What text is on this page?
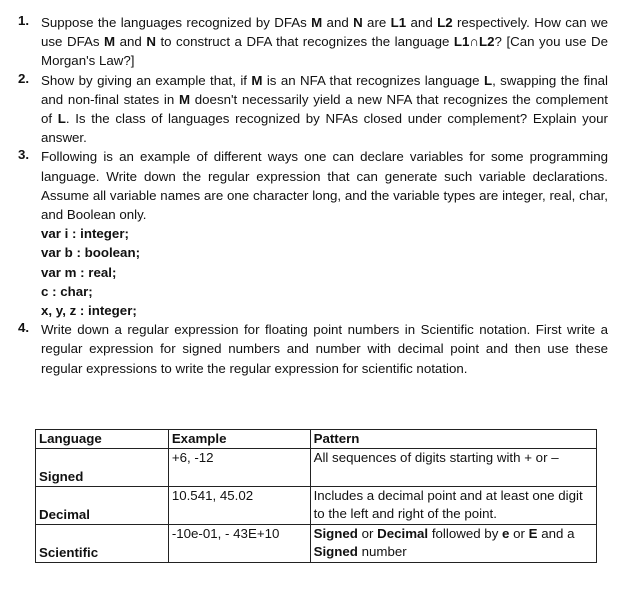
1. Suppose the languages recognized by DFAs M and N are L1 and L2 respectively. How can we use DFAs M and N to construct a DFA that recognizes the language L1∩L2? [Can you use De Morgan's Law?]

2. Show by giving an example that, if M is an NFA that recognizes language L, swapping the final and non-final states in M doesn't necessarily yield a new NFA that recognizes the complement of L. Is the class of languages recognized by NFAs closed under complement? Explain your answer.

3. Following is an example of different ways one can declare variables for some programming language. Write down the regular expression that can generate such variable declarations. Assume all variable names are one character long, and the variable types are integer, real, char, and Boolean only.

var i : integer;

var b : boolean;

var m : real;

c : char;

x, y, z : integer;

4. Write down a regular expression for floating point numbers in Scientific notation. First write a regular expression for signed numbers and number with decimal point and then use these regular expressions to write the regular expression for scientific notation.

Language	Example	Pattern
Signed	+6, -12	All sequences of digits starting with + or –
Decimal	10.541, 45.02	Includes a decimal point and at least one digit to the left and right of the point.
Scientific	-10e-01, - 43E+10	Signed or Decimal followed by e or E and a Signed number
